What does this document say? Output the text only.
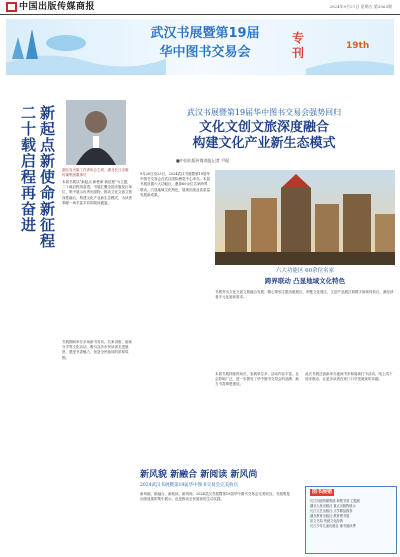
中国出版传媒商报	2024年9月27日 星期五 第3565期
武汉书展暨第19届
华中图书交易会
专刊	19th
新起点新使命新征程
二十载启程再奋进	湖北省出版工作者协会主席、湖北长江出版传媒集团董事长
武汉书展暨第19届华中图书交易会强势回归
文化文创文旅深度融合
构建文化产业新生态模式
■中国出版传媒商报记者 尹琨
本届书展以“新起点 新使命 新征程”为主题，二十载启程再奋进。书展汇聚全国出版发行单位，集中展示优秀出版物，推动文化文创文旅深度融合，构建文化产业新生态模式，为读者奉献一场丰富多彩的阅读盛宴。
书展期间举办多场新书发布、名家讲座、阅读分享等文化活动，吸引众多市民读者走进展馆，感受书香魅力，营造全民阅读的浓厚氛围。
9月20日至23日，2024武汉书展暨第19届华中图书交易会在武汉国际博览中心举办。本届书展设置六大功能区，邀请60余位名家跨界联动，凸显地域文化特色，展现出版业高质量发展新成果。
六大功能区 60余位名家
跨界联动 凸显地域文化特色
书展突出文化文创文旅融合发展，精心策划主题出版展区、荆楚文化展区、文创产品展区和数字阅读体验区，满足读者多元化阅读需求。
本届书展持续时间长、参展单位多、活动内容丰富，社会影响广泛，进一步擦亮了华中图书交易会的品牌，助力书香荆楚建设。
此次书展还创新举办夜间书市和阅读打卡活动，线上线下同步联动，让更多读者在家门口享受阅读的乐趣。
新风貌 新融合 新阅读 新风尚
2024武汉书展暨第19届华中图书交易会完美收官
新风貌、新融合、新阅读、新风尚，2024武汉书展暨第19届华中图书交易会完美收官。书展既是出版成果的集中展示，也是推动全民阅读的生动实践。
图书展销
长江出版传媒集团 荆楚书香 主题展
湖北人民出版社 重点出版物展示
长江文艺出版社 文学精品推荐
湖北教育出版社 教育图书展
崇文书局 传统文化经典
长江少年儿童出版社 童书阅读季
